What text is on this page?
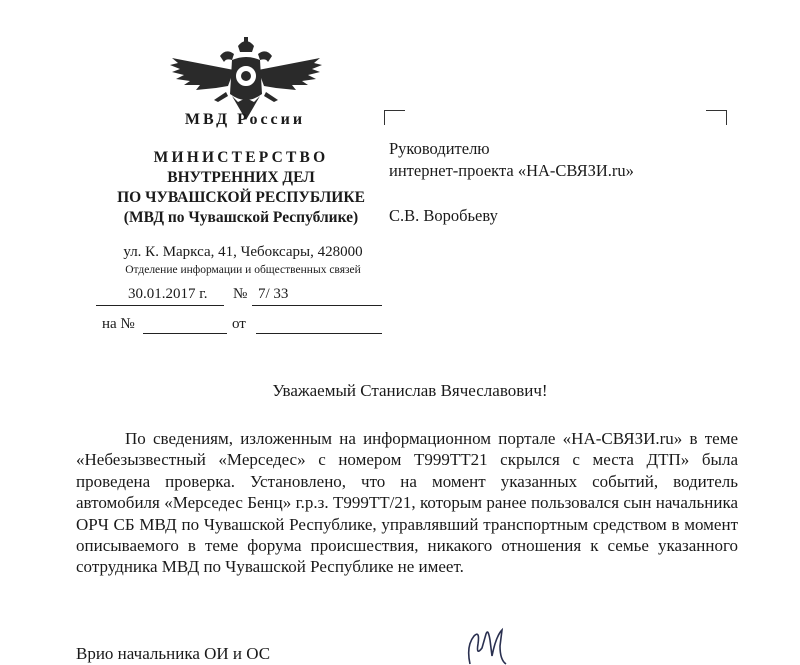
МВД России
МИНИСТЕРСТВО
ВНУТРЕННИХ ДЕЛ
ПО ЧУВАШСКОЙ РЕСПУБЛИКЕ
(МВД по Чувашской Республике)
ул. К. Маркса, 41, Чебоксары, 428000
Отделение информации и общественных связей
30.01.2017 г. № 7/ 33
на №	от
Руководителю
интернет-проекта «НА-СВЯЗИ.ru»
С.В. Воробьеву
Уважаемый Станислав Вячеславович!

По сведениям, изложенным на информационном портале «НА-СВЯЗИ.ru» в теме «Небезызвестный «Мерседес» с номером Т999ТТ21 скрылся с места ДТП» была проведена проверка. Установлено, что на момент указанных событий, водитель автомобиля «Мерседес Бенц» г.р.з. Т999ТТ/21, которым ранее пользовался сын начальника ОРЧ СБ МВД по Чувашской Республике, управлявший транспортным средством в момент описываемого в теме форума происшествия, никакого отношения к семье указанного сотрудника МВД по Чувашской Республике не имеет.

Врио начальника ОИ и ОС
